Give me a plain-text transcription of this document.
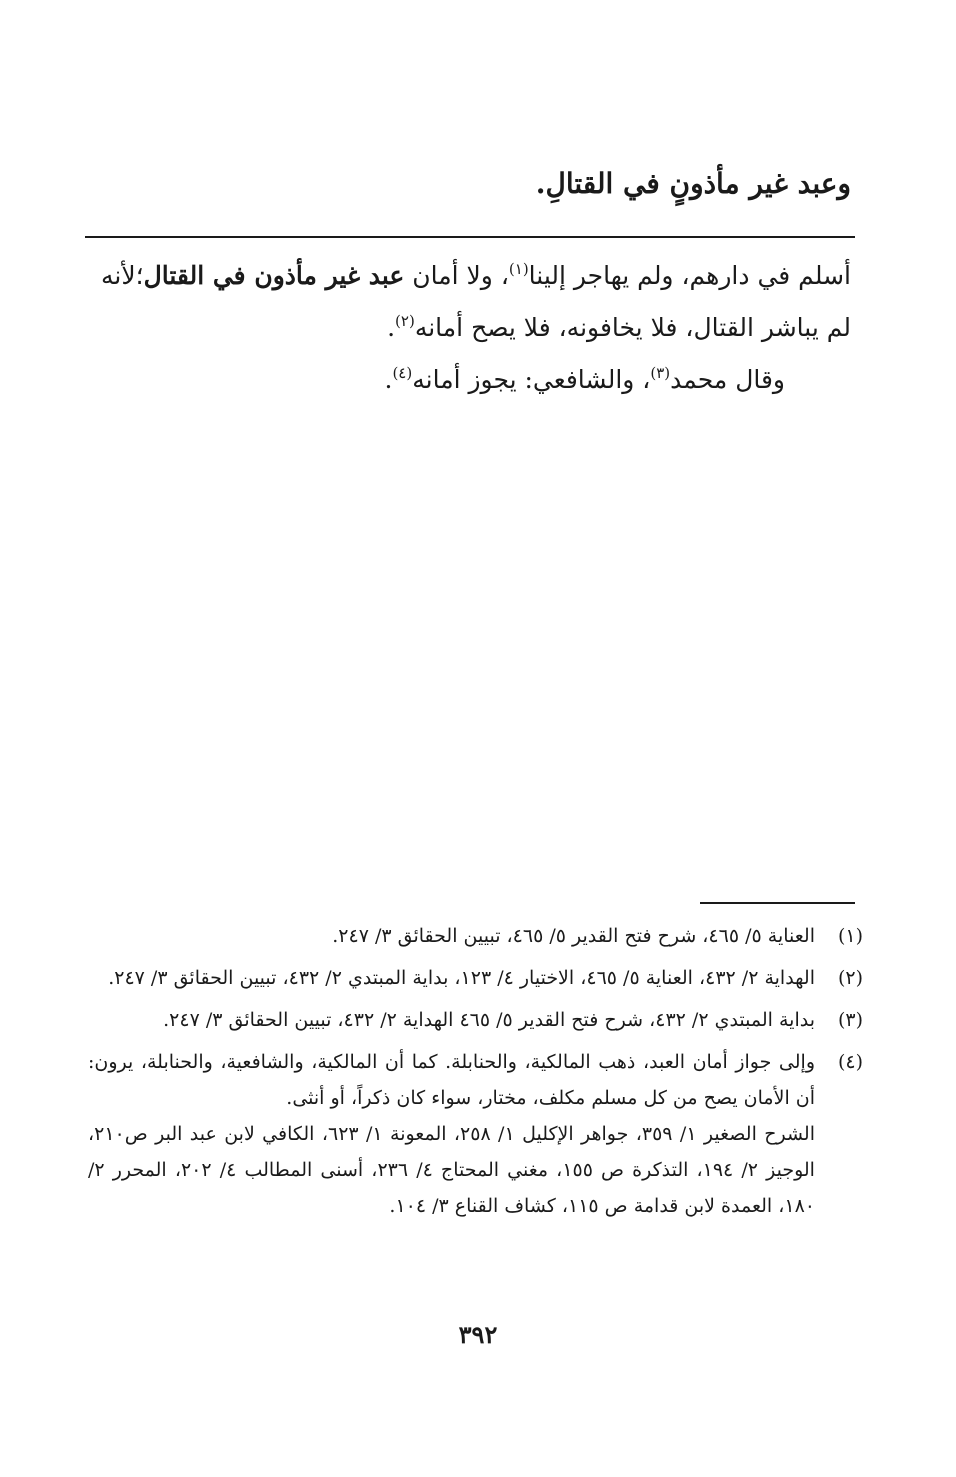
وعبد غير مأذونٍ في القتالِ.

أسلم في دارهم، ولم يهاجر إلينا$^{(١)}$، ولا أمان عبد غير مأذون في القتال؛لأنه لم يباشر القتال، فلا يخافونه، فلا يصح أمانه$^{(٢)}$.

وقال محمد$^{(٣)}$، والشافعي: يجوز أمانه$^{(٤)}$.

(١)

العناية ٥/ ٤٦٥، شرح فتح القدير ٥/ ٤٦٥، تبيين الحقائق ٣/ ٢٤٧.

(٢)

الهداية ٢/ ٤٣٢، العناية ٥/ ٤٦٥، الاختيار ٤/ ١٢٣، بداية المبتدي ٢/ ٤٣٢، تبيين الحقائق ٣/ ٢٤٧.

(٣)

بداية المبتدي ٢/ ٤٣٢، شرح فتح القدير ٥/ ٤٦٥ الهداية ٢/ ٤٣٢، تبيين الحقائق ٣/ ٢٤٧.

(٤)

وإلى جواز أمان العبد، ذهب المالكية، والحنابلة. كما أن المالكية، والشافعية، والحنابلة، يرون: أن الأمان يصح من كل مسلم مكلف، مختار، سواء كان ذكراً، أو أنثى.

الشرح الصغير ١/ ٣٥٩، جواهر الإكليل ١/ ٢٥٨، المعونة ١/ ٦٢٣، الكافي لابن عبد البر ص٢١٠، الوجيز ٢/ ١٩٤، التذكرة ص ١٥٥، مغني المحتاج ٤/ ٢٣٦، أسنى المطالب ٤/ ٢٠٢، المحرر ٢/ ١٨٠، العمدة لابن قدامة ص ١١٥، كشاف القناع ٣/ ١٠٤.

٣٩٢
